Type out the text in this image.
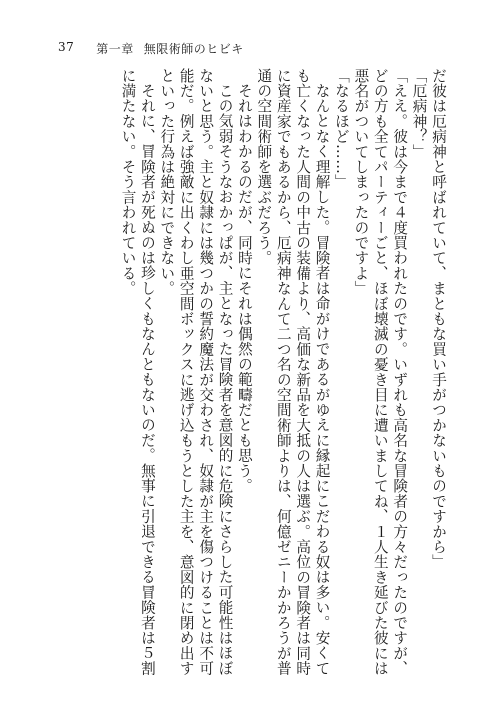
37 第一章 無限術師のヒビキ

だ彼は厄病神と呼ばれていて、まともな買い手がつかないものですから」

「厄病神？」

「ええ。彼は今まで４度買われたのです。いずれも高名な冒険者の方々だったのですが、どの方も全てパーティーごと、ほぼ壊滅の憂き目に遭いましてね、１人生き延びた彼には悪名がついてしまったのですよ」

「なるほど……」

なんとなく理解した。冒険者は命がけであるがゆえに縁起にこだわる奴は多い。安くても亡くなった人間の中古の装備より、高価な新品を大抵の人は選ぶ。高位の冒険者は同時に資産家でもあるから、厄病神なんて二つ名の空間術師よりは、何億ゼニーかかろうが普通の空間術師を選ぶだろう。

それはわかるのだが、同時にそれは偶然の範疇だとも思う。

この気弱そうなおかっぱが、主となった冒険者を意図的に危険にさらした可能性はほぼないと思う。主と奴隷には幾つかの誓約魔法が交わされ、奴隷が主を傷つけることは不可能だ。例えば強敵に出くわし亜空間ボックスに逃げ込もうとした主を、意図的に閉め出すといった行為は絶対にできない。

それに、冒険者が死ぬのは珍しくもなんともないのだ。無事に引退できる冒険者は５割に満たない。そう言われている。
